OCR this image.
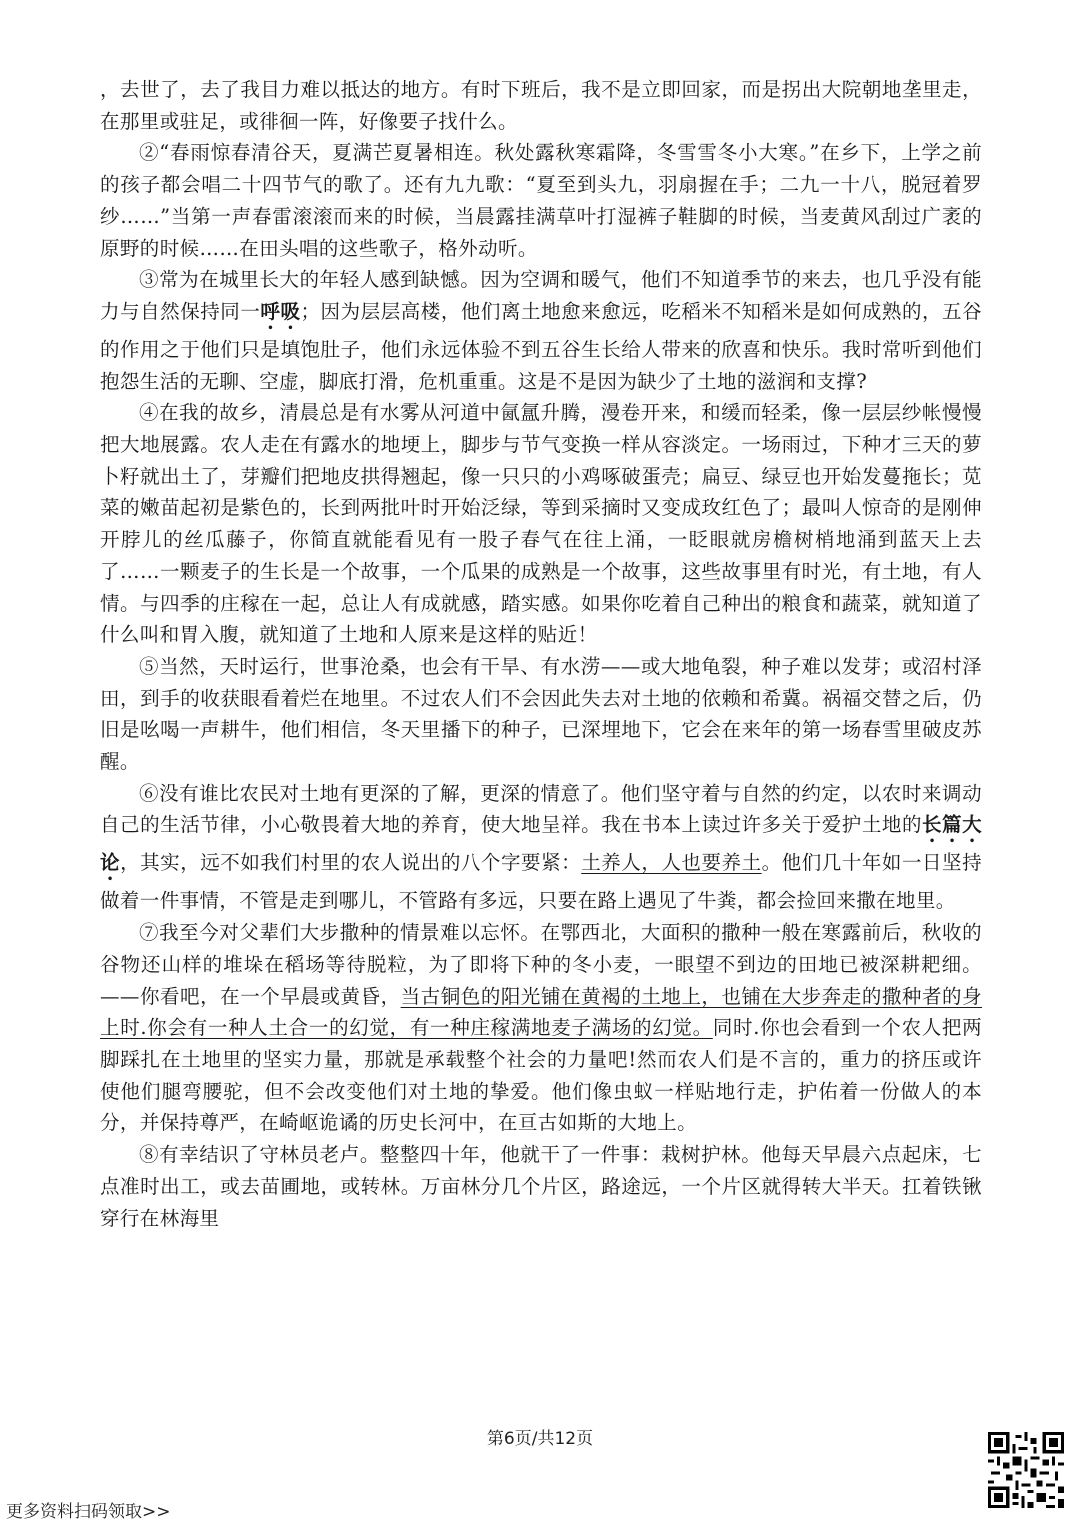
，去世了，去了我目力难以抵达的地方。有时下班后，我不是立即回家，而是拐出大院朝地垄里走，在那里或驻足，或徘徊一阵，好像要子找什么。

②“春雨惊春清谷天，夏满芒夏暑相连。秋处露秋寒霜降，冬雪雪冬小大寒。”在乡下，上学之前的孩子都会唱二十四节气的歌了。还有九九歌：“夏至到头九，羽扇握在手；二九一十八，脱冠着罗纱……”当第一声春雷滚滚而来的时候，当晨露挂满草叶打湿裤子鞋脚的时候，当麦黄风刮过广袤的原野的时候……在田头唱的这些歌子，格外动听。

③常为在城里长大的年轻人感到缺憾。因为空调和暖气，他们不知道季节的来去，也几乎没有能力与自然保持同一呼吸；因为层层高楼，他们离土地愈来愈远，吃稻米不知稻米是如何成熟的，五谷的作用之于他们只是填饱肚子，他们永远体验不到五谷生长给人带来的欣喜和快乐。我时常听到他们抱怨生活的无聊、空虚，脚底打滑，危机重重。这是不是因为缺少了土地的滋润和支撑?

④在我的故乡，清晨总是有水雾从河道中氤氲升腾，漫卷开来，和缓而轻柔，像一层层纱帐慢慢把大地展露。农人走在有露水的地埂上，脚步与节气变换一样从容淡定。一场雨过，下种才三天的萝卜籽就出土了，芽瓣们把地皮拱得翘起，像一只只的小鸡啄破蛋壳；扁豆、绿豆也开始发蔓拖长；苋菜的嫩苗起初是紫色的，长到两批叶时开始泛绿，等到采摘时又变成玫红色了；最叫人惊奇的是刚伸开脖儿的丝瓜藤子，你简直就能看见有一股子春气在往上涌，一眨眼就房檐树梢地涌到蓝天上去了……一颗麦子的生长是一个故事，一个瓜果的成熟是一个故事，这些故事里有时光，有土地，有人情。与四季的庄稼在一起，总让人有成就感，踏实感。如果你吃着自己种出的粮食和蔬菜，就知道了什么叫和胃入腹，就知道了土地和人原来是这样的贴近！

⑤当然，天时运行，世事沧桑，也会有干旱、有水涝——或大地龟裂，种子难以发芽；或沼村泽田，到手的收获眼看着烂在地里。不过农人们不会因此失去对土地的依赖和希冀。祸福交替之后，仍旧是吆喝一声耕牛，他们相信，冬天里播下的种子，已深埋地下，它会在来年的第一场春雪里破皮苏醒。

⑥没有谁比农民对土地有更深的了解，更深的情意了。他们坚守着与自然的约定，以农时来调动自己的生活节律，小心敬畏着大地的养育，使大地呈祥。我在书本上读过许多关于爱护土地的长篇大论，其实，远不如我们村里的农人说出的八个字要紧：土养人，人也要养土。他们几十年如一日坚持做着一件事情，不管是走到哪儿，不管路有多远，只要在路上遇见了牛粪，都会捡回来撒在地里。

⑦我至今对父辈们大步撒种的情景难以忘怀。在鄂西北，大面积的撒种一般在寒露前后，秋收的谷物还山样的堆垛在稻场等待脱粒，为了即将下种的冬小麦，一眼望不到边的田地已被深耕耙细。——你看吧，在一个早晨或黄昏，当古铜色的阳光铺在黄褐的土地上，也铺在大步奔走的撒种者的身上时.你会有一种人土合一的幻觉，有一种庄稼满地麦子满场的幻觉。同时.你也会看到一个农人把两脚踩扎在土地里的坚实力量，那就是承载整个社会的力量吧!然而农人们是不言的，重力的挤压或许使他们腿弯腰驼，但不会改变他们对土地的挚爱。他们像虫蚁一样贴地行走，护佑着一份做人的本分，并保持尊严，在崎岖诡谲的历史长河中，在亘古如斯的大地上。

⑧有幸结识了守林员老卢。整整四十年，他就干了一件事：栽树护林。他每天早晨六点起床，七点准时出工，或去苗圃地，或转林。万亩林分几个片区，路途远，一个片区就得转大半天。扛着铁锹穿行在林海里

第6页/共12页
更多资料扫码领取>>
